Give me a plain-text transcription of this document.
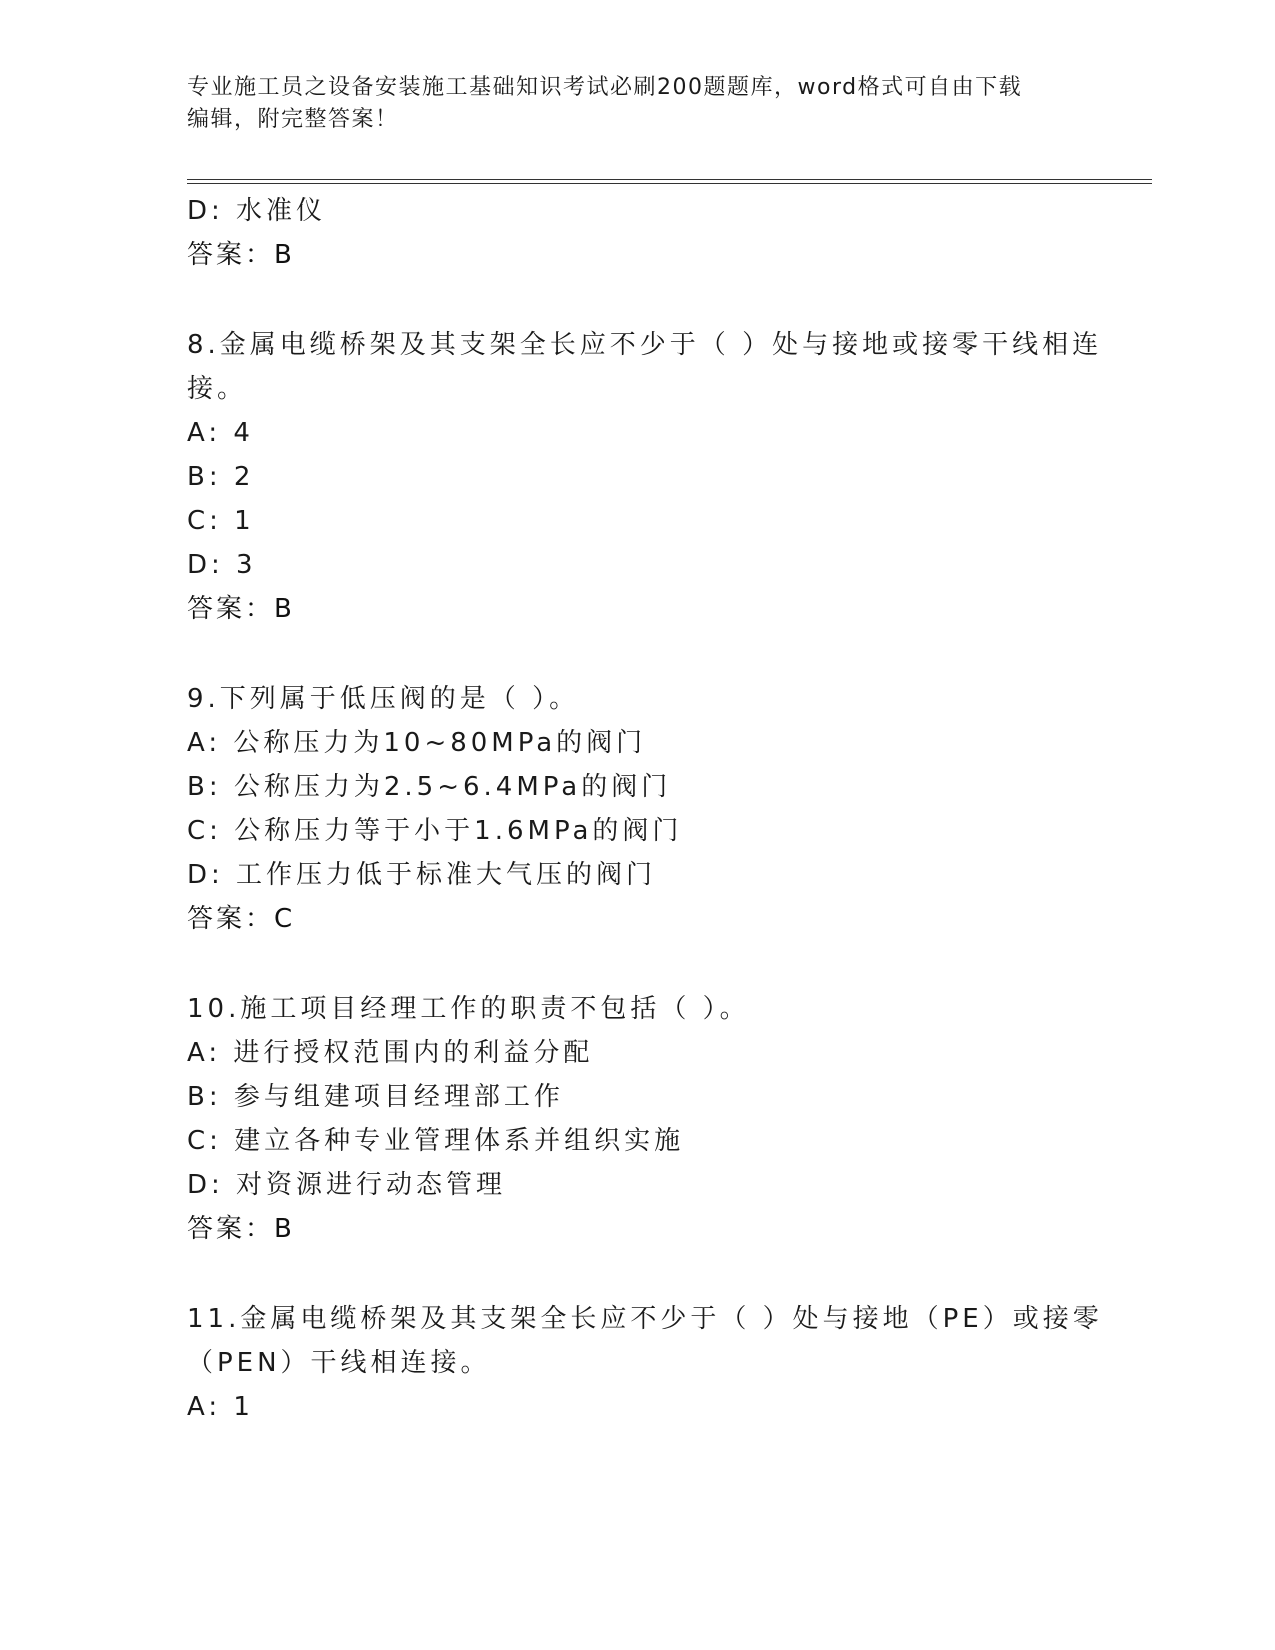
专业施工员之设备安装施工基础知识考试必刷200题题库，word格式可自由下载
编辑，附完整答案！
D: 水准仪
答案：B
8.金属电缆桥架及其支架全长应不少于（ ）处与接地或接零干线相连
接。
A: 4
B: 2
C: 1
D: 3
答案：B
9.下列属于低压阀的是（ ）。
A: 公称压力为10~80MPa的阀门
B: 公称压力为2.5~6.4MPa的阀门
C: 公称压力等于小于1.6MPa的阀门
D: 工作压力低于标准大气压的阀门
答案：C
10.施工项目经理工作的职责不包括（ ）。
A: 进行授权范围内的利益分配
B: 参与组建项目经理部工作
C: 建立各种专业管理体系并组织实施
D: 对资源进行动态管理
答案：B
11.金属电缆桥架及其支架全长应不少于（ ）处与接地（PE）或接零
（PEN）干线相连接。
A: 1
